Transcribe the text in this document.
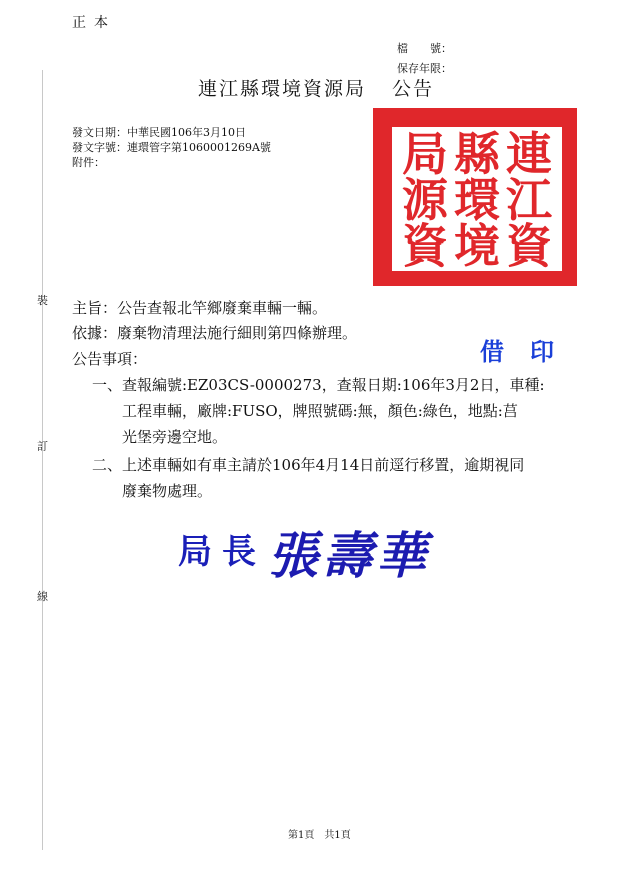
裝
訂
線
正本
檔　　號：
保存年限：
連江縣環境資源局 公告
發文日期：中華民國106年3月10日
發文字號：連環管字第1060001269A號
附件：	局 縣 連
源 環 江
資 境 資
主旨：公告查報北竿鄉廢棄車輛一輛。
依據：廢棄物清理法施行細則第四條辦理。
公告事項：	借印
一、查報編號:EZ03CS-0000273，查報日期:106年3月2日，車種:
工程車輛，廠牌:FUSO，牌照號碼:無，顏色:綠色，地點:莒
光堡旁邊空地。
二、上述車輛如有車主請於106年4月14日前逕行移置，逾期視同
廢棄物處理。
局長 張壽華
第1頁 共1頁
